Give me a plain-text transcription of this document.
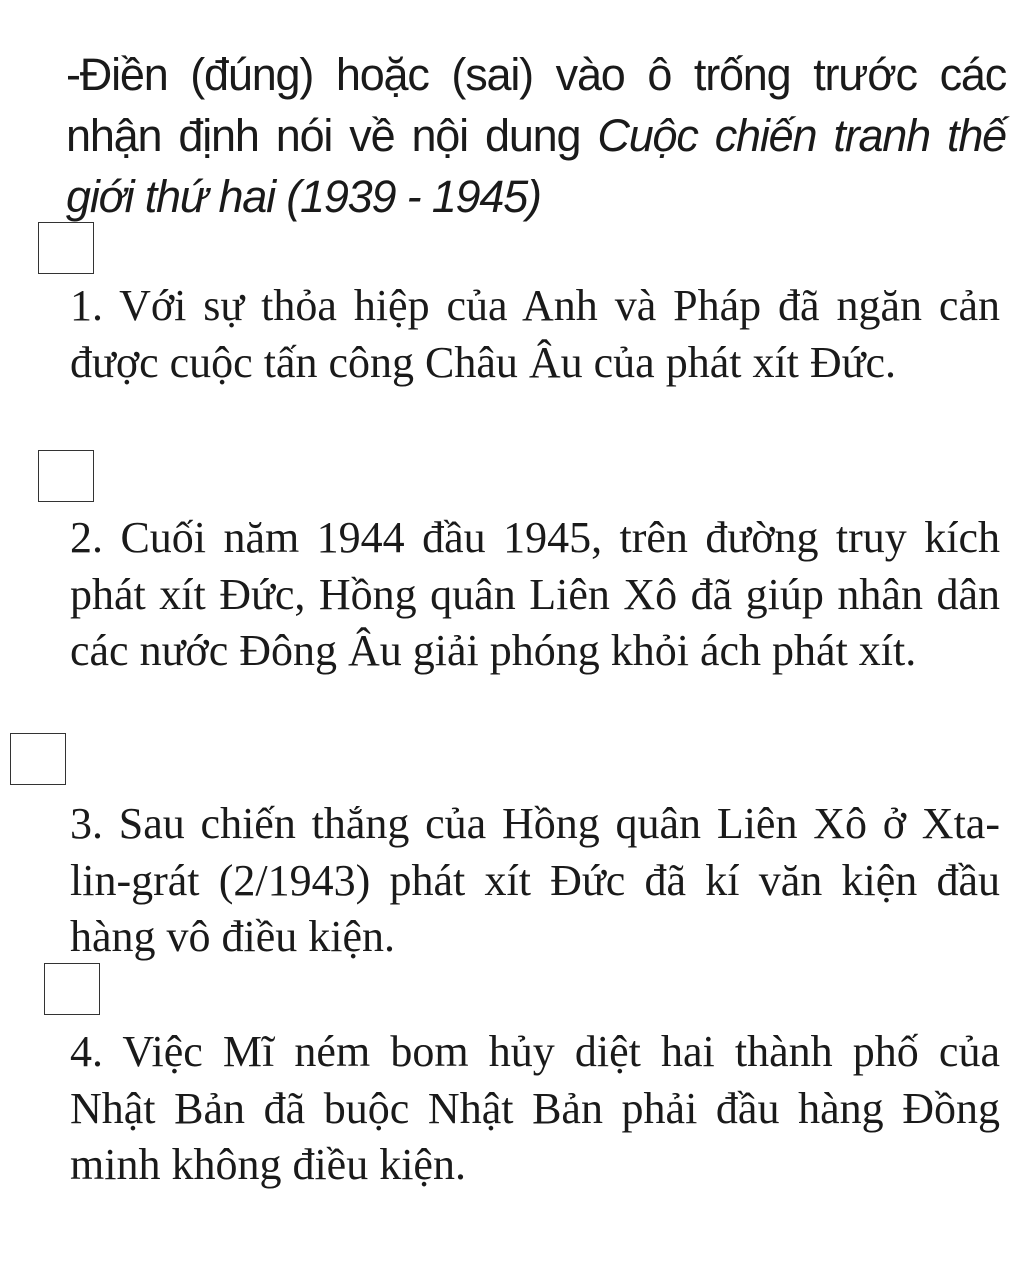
-Điền (đúng) hoặc (sai) vào ô trống trước các nhận định nói về nội dung Cuộc chiến tranh thế giới thứ hai (1939 - 1945)
1. Với sự thỏa hiệp của Anh và Pháp đã ngăn cản được cuộc tấn công Châu Âu của phát xít Đức.
2. Cuối năm 1944 đầu 1945, trên đường truy kích phát xít Đức, Hồng quân Liên Xô đã giúp nhân dân các nước Đông Âu giải phóng khỏi ách phát xít.
3. Sau chiến thắng của Hồng quân Liên Xô ở Xta-lin-grát (2/1943) phát xít Đức đã kí văn kiện đầu hàng vô điều kiện.
4. Việc Mĩ ném bom hủy diệt hai thành phố của Nhật Bản đã buộc Nhật Bản phải đầu hàng Đồng minh không điều kiện.
